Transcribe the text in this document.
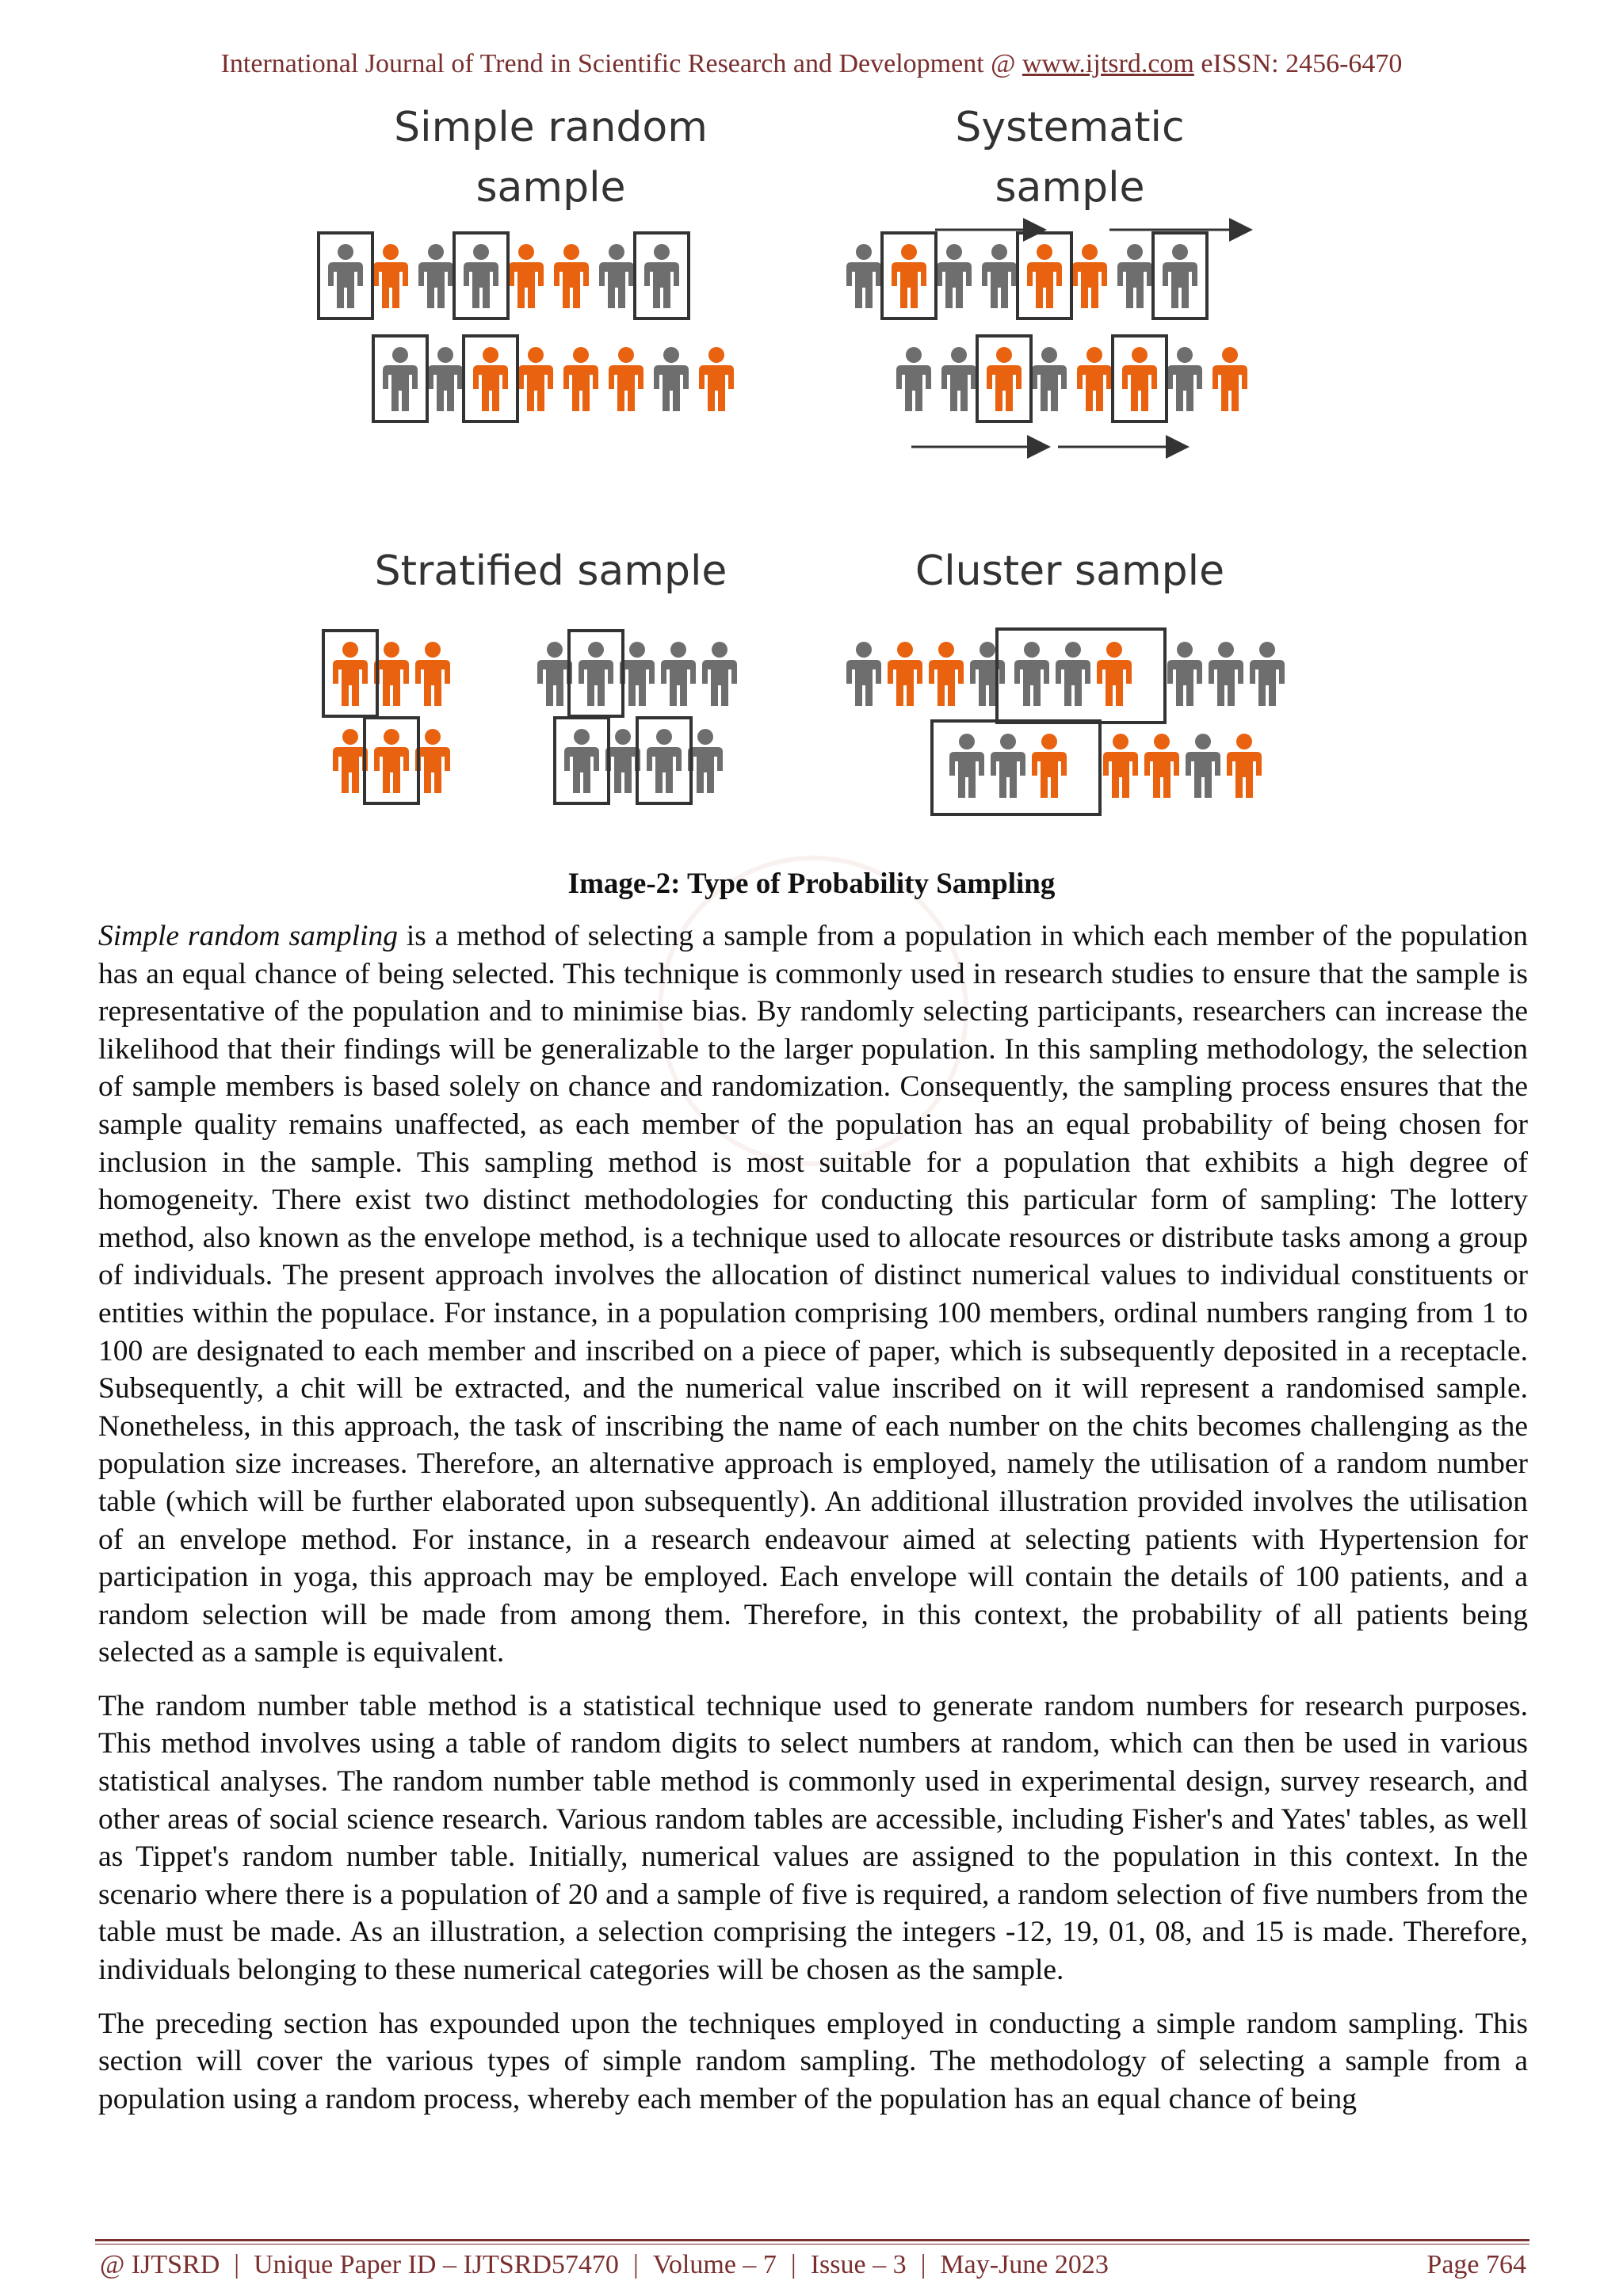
International Journal of Trend in Scientific Research and Development @ www.ijtsrd.com eISSN: 2456-6470
Simple random
sample
Systematic
sample
Stratified sample	Cluster sample
Image-2: Type of Probability Sampling

Simple random sampling is a method of selecting a sample from a population in which each member of the population has an equal chance of being selected. This technique is commonly used in research studies to ensure that the sample is representative of the population and to minimise bias. By randomly selecting participants, researchers can increase the likelihood that their findings will be generalizable to the larger population. In this sampling methodology, the selection of sample members is based solely on chance and randomization. Consequently, the sampling process ensures that the sample quality remains unaffected, as each member of the population has an equal probability of being chosen for inclusion in the sample. This sampling method is most suitable for a population that exhibits a high degree of homogeneity. There exist two distinct methodologies for conducting this particular form of sampling: The lottery method, also known as the envelope method, is a technique used to allocate resources or distribute tasks among a group of individuals. The present approach involves the allocation of distinct numerical values to individual constituents or entities within the populace. For instance, in a population comprising 100 members, ordinal numbers ranging from 1 to 100 are designated to each member and inscribed on a piece of paper, which is subsequently deposited in a receptacle. Subsequently, a chit will be extracted, and the numerical value inscribed on it will represent a randomised sample. Nonetheless, in this approach, the task of inscribing the name of each number on the chits becomes challenging as the population size increases. Therefore, an alternative approach is employed, namely the utilisation of a random number table (which will be further elaborated upon subsequently). An additional illustration provided involves the utilisation of an envelope method. For instance, in a research endeavour aimed at selecting patients with Hypertension for participation in yoga, this approach may be employed. Each envelope will contain the details of 100 patients, and a random selection will be made from among them. Therefore, in this context, the probability of all patients being selected as a sample is equivalent.

The random number table method is a statistical technique used to generate random numbers for research purposes. This method involves using a table of random digits to select numbers at random, which can then be used in various statistical analyses. The random number table method is commonly used in experimental design, survey research, and other areas of social science research. Various random tables are accessible, including Fisher's and Yates' tables, as well as Tippet's random number table. Initially, numerical values are assigned to the population in this context. In the scenario where there is a population of 20 and a sample of five is required, a random selection of five numbers from the table must be made. As an illustration, a selection comprising the integers -12, 19, 01, 08, and 15 is made. Therefore, individuals belonging to these numerical categories will be chosen as the sample.

The preceding section has expounded upon the techniques employed in conducting a simple random sampling. This section will cover the various types of simple random sampling. The methodology of selecting a sample from a population using a random process, whereby each member of the population has an equal chance of being

@ IJTSRD | Unique Paper ID – IJTSRD57470 | Volume – 7 | Issue – 3 | May-June 2023	Page 764
